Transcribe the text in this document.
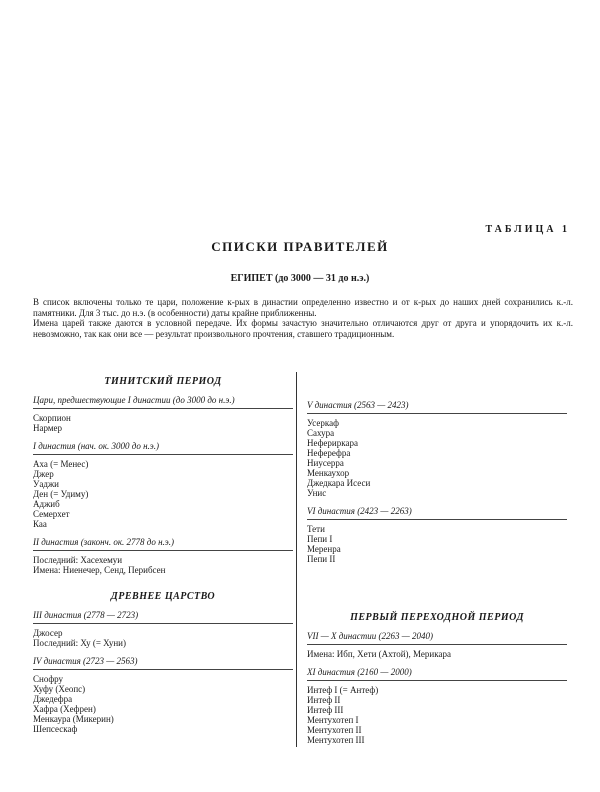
ТАБЛИЦА 1
СПИСКИ ПРАВИТЕЛЕЙ
ЕГИПЕТ (до 3000 — 31 до н.э.)

В список включены только те цари, положение к-рых в династии определенно известно и от к-рых до наших дней сохранились к.-л. памятники. Для 3 тыс. до н.э. (в особенности) даты крайне приближенны.

Имена царей также даются в условной передаче. Их формы зачастую значительно отличаются друг от друга и упорядочить их к.-л. невозможно, так как они все — результат произвольного прочтения, ставшего традиционным.

ТИНИТСКИЙ ПЕРИОД
Цари, предшествующие I династии (до 3000 до н.э.)
Скорпион
Нармер
I династия (нач. ок. 3000 до н.э.)
Аха (= Менес)
Джер
Уаджи
Ден (= Удиму)
Аджиб
Семерхет
Каа
II династия (законч. ок. 2778 до н.э.)
Последний: Хасехемуи
Имена: Ниенечер, Сенд, Перибсен
ДРЕВНЕЕ ЦАРСТВО
III династия (2778 — 2723)
Джосер
Последний: Ху (= Хуни)
IV династия (2723 — 2563)
Снофру
Хуфу (Хеопс)
Джедефра
Хафра (Хефрен)
Менкаура (Микерин)
Шепсескаф
V династия (2563 — 2423)
Усеркаф
Сахура
Нефериркара
Неферефра
Ниусерра
Менкаухор
Джедкара Исеси
Унис
VI династия (2423 — 2263)
Тети
Пепи I
Меренра
Пепи II
ПЕРВЫЙ ПЕРЕХОДНОЙ ПЕРИОД
VII — X династии (2263 — 2040)
Имена: Ибп, Хети (Ахтой), Мерикара
XI династия (2160 — 2000)
Интеф I (= Антеф)
Интеф II
Интеф III
Ментухотеп I
Ментухотеп II
Ментухотеп III
